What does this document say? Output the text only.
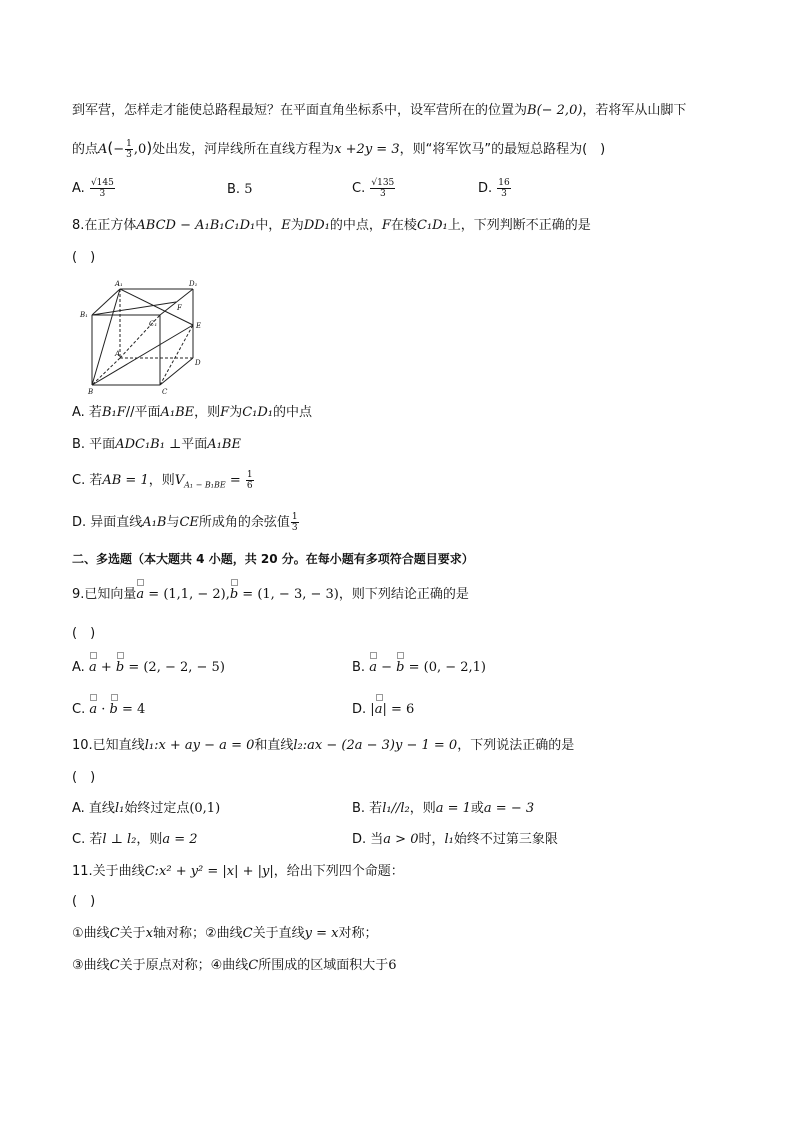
到军营，怎样走才能使总路程最短？在平面直角坐标系中，设军营所在的位置为B(− 2,0)，若将军从山脚下
的点$A(- \frac{1}{3} ,0)$处出发，河岸线所在直线方程为x +2y = 3，则“将军饮马”的最短总路程为(　)
A. $\frac{√145}{3}$	B. 5	C. $\frac{√135}{3}$	D. $\frac{16}{3}$
8.在正方体ABCD − A₁B₁C₁D₁中，E为DD₁的中点，F在棱C₁D₁上，下列判断不正确的是
(　)
A₁	D₁
B₁
C₁
F
E
A
D
B	C
A. 若B₁F//平面A₁BE，则F为C₁D₁的中点
B. 平面ADC₁B₁ ⊥平面A₁BE
C. 若AB = 1，则$V_{A_1 - B_1BE} = \frac{1}{6}$
D. 异面直线A₁B与CE所成角的余弦值 $\frac{1}{3}$
二、多选题（本大题共 4 小题，共 20 分。在每小题有多项符合题目要求）
9.已知向量a = (1,1, − 2),b = (1, − 3, − 3)，则下列结论正确的是
(　)
A. a + b = (2, − 2, − 5)	B. a − b = (0, − 2,1)
C. a · b = 4	D. |a| = 6
10.已知直线l₁:x + ay − a = 0和直线l₂:ax − (2a − 3)y − 1 = 0，下列说法正确的是
(　)
A. 直线l₁始终过定点(0,1)	B. 若l₁//l₂，则a = 1或a = − 3
C. 若l ⊥ l₂，则a = 2	D. 当a > 0时，l₁始终不过第三象限
11.关于曲线C:x² + y² = |x| + |y|，给出下列四个命题：
(　)
①曲线C关于x轴对称；②曲线C关于直线y = x对称；
③曲线C关于原点对称；④曲线C所围成的区域面积大于6
